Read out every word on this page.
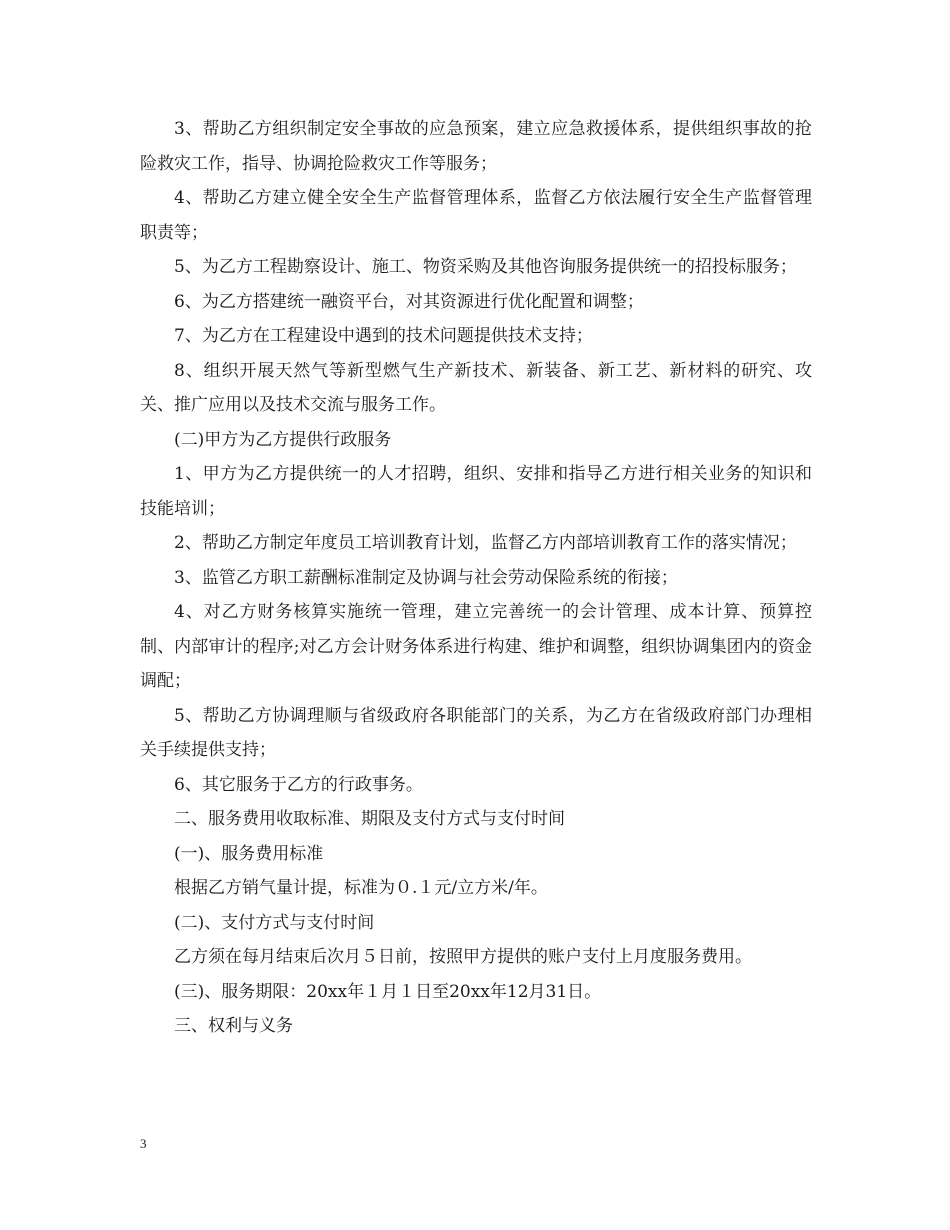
3、帮助乙方组织制定安全事故的应急预案，建立应急救援体系，提供组织事故的抢险救灾工作，指导、协调抢险救灾工作等服务；

4、帮助乙方建立健全安全生产监督管理体系，监督乙方依法履行安全生产监督管理职责等；

5、为乙方工程勘察设计、施工、物资采购及其他咨询服务提供统一的招投标服务；

6、为乙方搭建统一融资平台，对其资源进行优化配置和调整；

7、为乙方在工程建设中遇到的技术问题提供技术支持；

8、组织开展天然气等新型燃气生产新技术、新装备、新工艺、新材料的研究、攻关、推广应用以及技术交流与服务工作。

(二)甲方为乙方提供行政服务

1、甲方为乙方提供统一的人才招聘，组织、安排和指导乙方进行相关业务的知识和技能培训；

2、帮助乙方制定年度员工培训教育计划，监督乙方内部培训教育工作的落实情况；

3、监管乙方职工薪酬标准制定及协调与社会劳动保险系统的衔接；

4、对乙方财务核算实施统一管理，建立完善统一的会计管理、成本计算、预算控制、内部审计的程序;对乙方会计财务体系进行构建、维护和调整，组织协调集团内的资金调配；

5、帮助乙方协调理顺与省级政府各职能部门的关系，为乙方在省级政府部门办理相关手续提供支持；

6、其它服务于乙方的行政事务。

二、服务费用收取标准、期限及支付方式与支付时间

(一)、服务费用标准

根据乙方销气量计提，标准为０.１元/立方米/年。

(二)、支付方式与支付时间

乙方须在每月结束后次月５日前，按照甲方提供的账户支付上月度服务费用。

(三)、服务期限：20xx年１月１日至20xx年12月31日。

三、权利与义务

3
